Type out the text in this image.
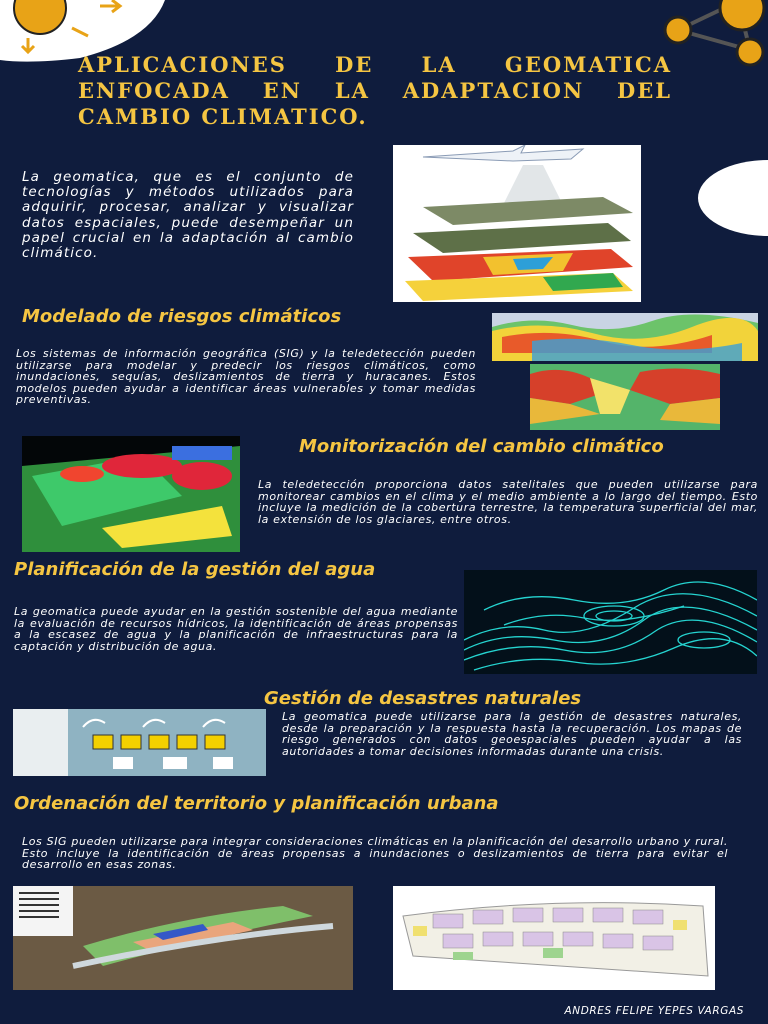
APLICACIONES DE LA GEOMATICA ENFOCADA EN LA ADAPTACION DEL CAMBIO CLIMATICO.
La geomatica, que es el conjunto de tecnologías y métodos utilizados para adquirir, procesar, analizar y visualizar datos espaciales, puede desempeñar un papel crucial en la adaptación al cambio climático.
Modelado de riesgos climáticos
Los sistemas de información geográfica (SIG) y la teledetección pueden utilizarse para modelar y predecir los riesgos climáticos, como inundaciones, sequías, deslizamientos de tierra y huracanes. Estos modelos pueden ayudar a identificar áreas vulnerables y tomar medidas preventivas.
Monitorización del cambio climático
La teledetección proporciona datos satelitales que pueden utilizarse para monitorear cambios en el clima y el medio ambiente a lo largo del tiempo. Esto incluye la medición de la cobertura terrestre, la temperatura superficial del mar, la extensión de los glaciares, entre otros.
Planificación de la gestión del agua
La geomatica puede ayudar en la gestión sostenible del agua mediante la evaluación de recursos hídricos, la identificación de áreas propensas a la escasez de agua y la planificación de infraestructuras para la captación y distribución de agua.
Gestión de desastres naturales
La geomatica puede utilizarse para la gestión de desastres naturales, desde la preparación y la respuesta hasta la recuperación. Los mapas de riesgo generados con datos geoespaciales pueden ayudar a las autoridades a tomar decisiones informadas durante una crisis.
Ordenación del territorio y planificación urbana
Los SIG pueden utilizarse para integrar consideraciones climáticas en la planificación del desarrollo urbano y rural. Esto incluye la identificación de áreas propensas a inundaciones o deslizamientos de tierra para evitar el desarrollo en esas zonas.
ANDRES FELIPE YEPES VARGAS
